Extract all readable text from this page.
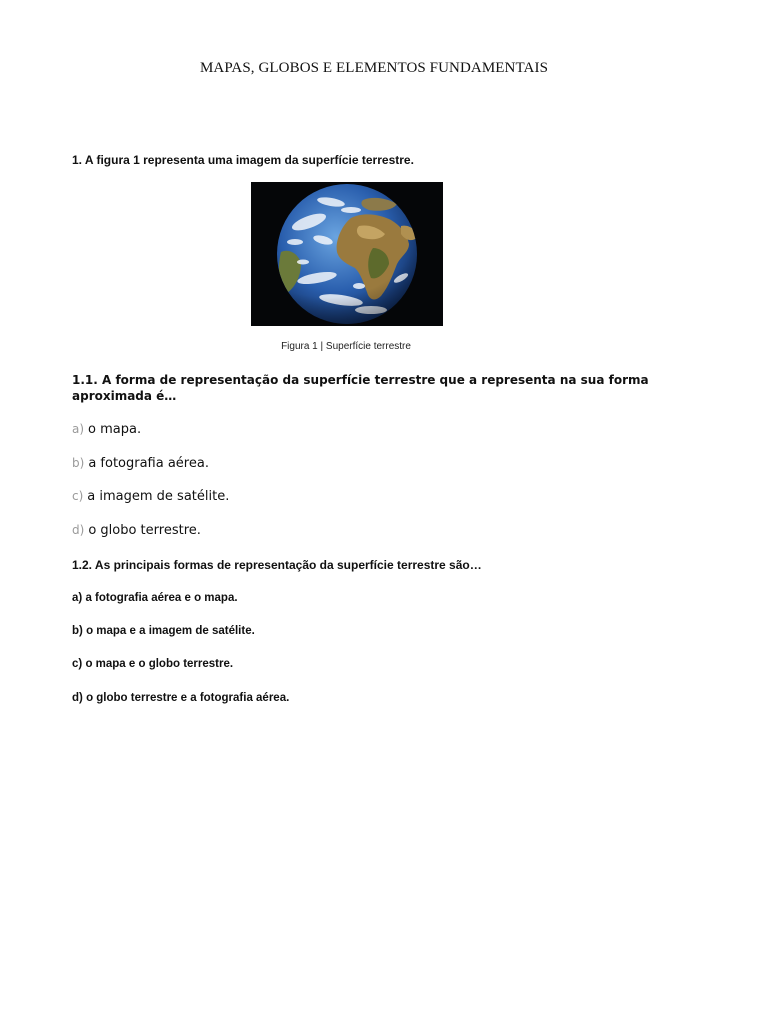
MAPAS, GLOBOS E ELEMENTOS FUNDAMENTAIS
1. A figura 1 representa uma imagem da superfície terrestre.
Figura 1 | Superfície terrestre
1.1. A forma de representação da superfície terrestre que a representa na sua forma aproximada é…
a) o mapa.
b) a fotografia aérea.
c) a imagem de satélite.
d) o globo terrestre.
1.2. As principais formas de representação da superfície terrestre são…
a) a fotografia aérea e o mapa.
b) o mapa e a imagem de satélite.
c) o mapa e o globo terrestre.
d) o globo terrestre e a fotografia aérea.
